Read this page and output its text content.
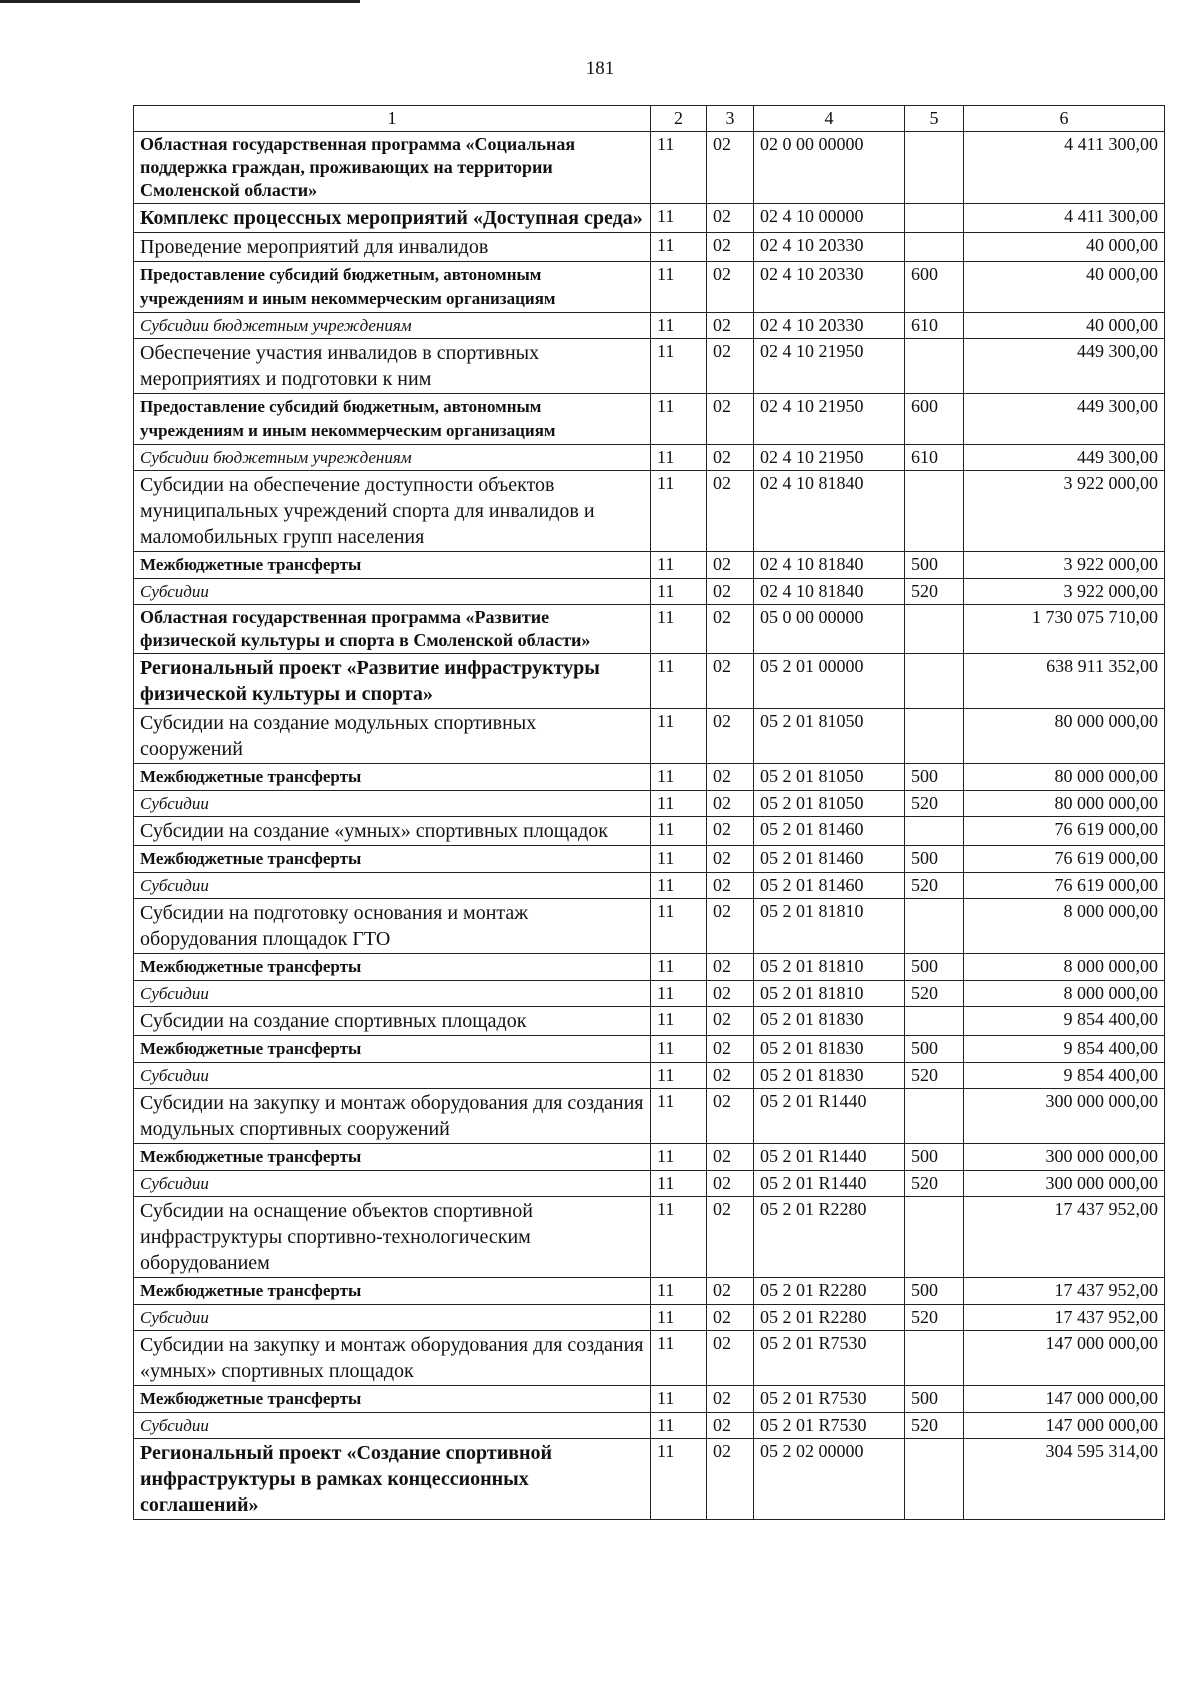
181
1	2	3	4	5	6
Областная государственная программа «Социальная поддержка граждан, проживающих на территории Смоленской области»	11	02	02 0 00 00000		4 411 300,00
Комплекс процессных мероприятий «Доступная среда»	11	02	02 4 10 00000		4 411 300,00
Проведение мероприятий для инвалидов	11	02	02 4 10 20330		40 000,00
Предоставление субсидий бюджетным, автономным учреждениям и иным некоммерческим организациям	11	02	02 4 10 20330	600	40 000,00
Субсидии бюджетным учреждениям	11	02	02 4 10 20330	610	40 000,00
Обеспечение участия инвалидов в спортивных мероприятиях и подготовки к ним	11	02	02 4 10 21950		449 300,00
Предоставление субсидий бюджетным, автономным учреждениям и иным некоммерческим организациям	11	02	02 4 10 21950	600	449 300,00
Субсидии бюджетным учреждениям	11	02	02 4 10 21950	610	449 300,00
Субсидии на обеспечение доступности объектов муниципальных учреждений спорта для инвалидов и маломобильных групп населения	11	02	02 4 10 81840		3 922 000,00
Межбюджетные трансферты	11	02	02 4 10 81840	500	3 922 000,00
Субсидии	11	02	02 4 10 81840	520	3 922 000,00
Областная государственная программа «Развитие физической культуры и спорта в Смоленской области»	11	02	05 0 00 00000		1 730 075 710,00
Региональный проект «Развитие инфраструктуры физической культуры и спорта»	11	02	05 2 01 00000		638 911 352,00
Субсидии на создание модульных спортивных сооружений	11	02	05 2 01 81050		80 000 000,00
Межбюджетные трансферты	11	02	05 2 01 81050	500	80 000 000,00
Субсидии	11	02	05 2 01 81050	520	80 000 000,00
Субсидии на создание «умных» спортивных площадок	11	02	05 2 01 81460		76 619 000,00
Межбюджетные трансферты	11	02	05 2 01 81460	500	76 619 000,00
Субсидии	11	02	05 2 01 81460	520	76 619 000,00
Субсидии на подготовку основания и монтаж оборудования площадок ГТО	11	02	05 2 01 81810		8 000 000,00
Межбюджетные трансферты	11	02	05 2 01 81810	500	8 000 000,00
Субсидии	11	02	05 2 01 81810	520	8 000 000,00
Субсидии на создание спортивных площадок	11	02	05 2 01 81830		9 854 400,00
Межбюджетные трансферты	11	02	05 2 01 81830	500	9 854 400,00
Субсидии	11	02	05 2 01 81830	520	9 854 400,00
Субсидии на закупку и монтаж оборудования для создания модульных спортивных сооружений	11	02	05 2 01 R1440		300 000 000,00
Межбюджетные трансферты	11	02	05 2 01 R1440	500	300 000 000,00
Субсидии	11	02	05 2 01 R1440	520	300 000 000,00
Субсидии на оснащение объектов спортивной инфраструктуры спортивно-технологическим оборудованием	11	02	05 2 01 R2280		17 437 952,00
Межбюджетные трансферты	11	02	05 2 01 R2280	500	17 437 952,00
Субсидии	11	02	05 2 01 R2280	520	17 437 952,00
Субсидии на закупку и монтаж оборудования для создания «умных» спортивных площадок	11	02	05 2 01 R7530		147 000 000,00
Межбюджетные трансферты	11	02	05 2 01 R7530	500	147 000 000,00
Субсидии	11	02	05 2 01 R7530	520	147 000 000,00
Региональный проект «Создание спортивной инфраструктуры в рамках концессионных соглашений»	11	02	05 2 02 00000		304 595 314,00
